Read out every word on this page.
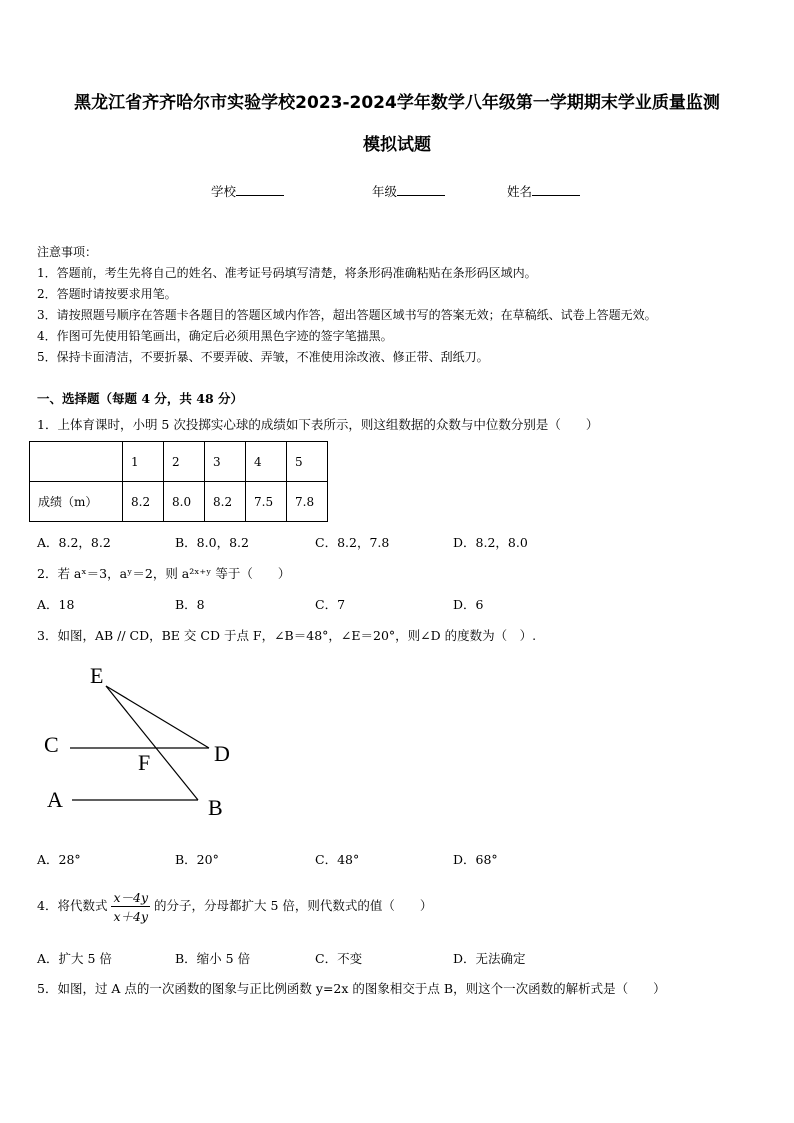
黑龙江省齐齐哈尔市实验学校2023-2024学年数学八年级第一学期期末学业质量监测
模拟试题
学校	年级	姓名
注意事项：
1．答题前，考生先将自己的姓名、准考证号码填写清楚，将条形码准确粘贴在条形码区域内。
2．答题时请按要求用笔。
3．请按照题号顺序在答题卡各题目的答题区域内作答，超出答题区域书写的答案无效；在草稿纸、试卷上答题无效。
4．作图可先使用铅笔画出，确定后必须用黑色字迹的签字笔描黑。
5．保持卡面清洁，不要折暴、不要弄破、弄皱，不准使用涂改液、修正带、刮纸刀。
一、选择题（每题 4 分，共 48 分）
1．上体育课时，小明 5 次投掷实心球的成绩如下表所示，则这组数据的众数与中位数分别是（　　）
	1	2	3	4	5
成绩（m）	8.2	8.0	8.2	7.5	7.8
A．8.2，8.2	B．8.0，8.2	C．8.2，7.8	D．8.2，8.0
2．若 aˣ＝3，aʸ＝2，则 a²ˣ⁺ʸ 等于（　　）
A．18	B．8	C．7	D．6
3．如图，AB // CD，BE 交 CD 于点 F，∠B＝48°，∠E＝20°，则∠D 的度数为（　）.
E
C	D
F
A	B
A．28°	B．20°	C．48°	D．68°
4．将代数式 $\frac{x-4y}{x+4y}$ 的分子，分母都扩大 5 倍，则代数式的值（　　）
A．扩大 5 倍	B．缩小 5 倍	C．不变	D．无法确定
5．如图，过 A 点的一次函数的图象与正比例函数 y=2x 的图象相交于点 B，则这个一次函数的解析式是（　　）
